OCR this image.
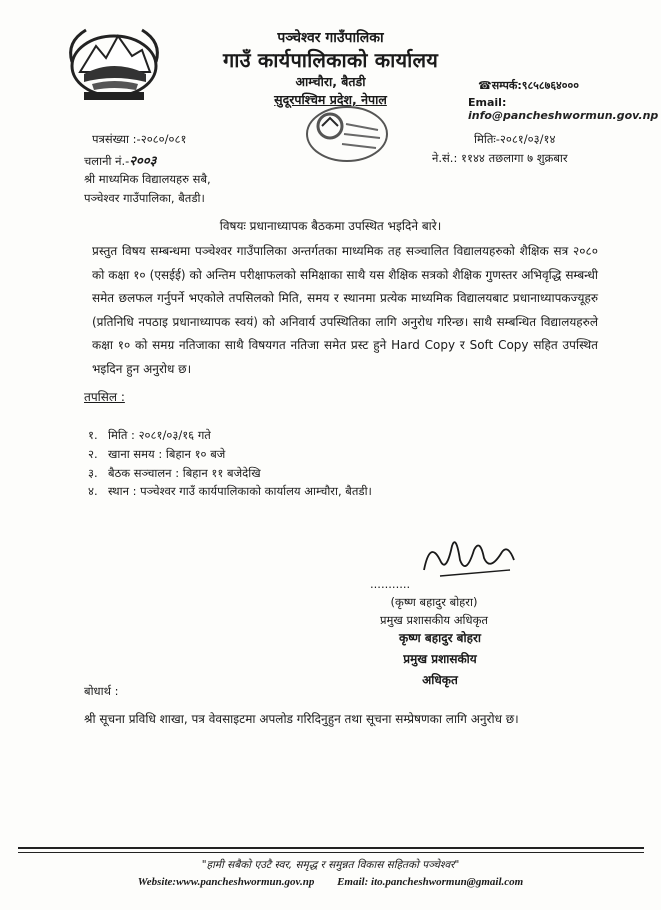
पञ्चेश्वर गाउँपालिका
गाउँ कार्यपालिकाको कार्यालय
आम्चौरा, बैतडी
सुदूरपश्चिम प्रदेश, नेपाल
☎सम्पर्क:९८५८७६४०००
Email: info@pancheshwormun.gov.np
पत्रसंख्या :-२०८०/०८१
चलानी नं.-२००३
श्री माध्यमिक विद्यालयहरु सबै,
पञ्चेश्वर गाउँपालिका, बैतडी।
मितिः-२०८१/०३/१४
ने.सं.: ११४४ तछलागा ७ शुक्रबार
विषयः प्रधानाध्यापक बैठकमा उपस्थित भइदिने बारे।
प्रस्तुत विषय सम्बन्धमा पञ्चेश्वर गाउँपालिका अन्तर्गतका माध्यमिक तह सञ्चालित विद्यालयहरुको शैक्षिक सत्र २०८० को कक्षा १० (एसईई) को अन्तिम परीक्षाफलको समिक्षाका साथै यस शैक्षिक सत्रको शैक्षिक गुणस्तर अभिवृद्धि सम्बन्धी समेत छलफल गर्नुपर्ने भएकोले तपसिलको मिति, समय र स्थानमा प्रत्येक माध्यमिक विद्यालयबाट प्रधानाध्यापकज्यूहरु (प्रतिनिधि नपठाइ प्रधानाध्यापक स्वयं) को अनिवार्य उपस्थितिका लागि अनुरोध गरिन्छ। साथै सम्बन्धित विद्यालयहरुले कक्षा १० को समग्र नतिजाका साथै विषयगत नतिजा समेत प्रस्ट हुने Hard Copy र Soft Copy सहित उपस्थित भइदिन हुन अनुरोध छ।
तपसिल :
१. मिति : २०८१/०३/१६ गते
२. खाना समय : बिहान १० बजे
३. बैठक सञ्चालन : बिहान ११ बजेदेखि
४. स्थान : पञ्चेश्वर गाउँ कार्यपालिकाको कार्यालय आम्चौरा, बैतडी।
...........
(कृष्ण बहादुर बोहरा)
प्रमुख प्रशासकीय अधिकृत
कृष्ण बहादुर बोहरा
प्रमुख प्रशासकीय अधिकृत
बोधार्थ :
श्री सूचना प्रविधि शाखा, पत्र वेवसाइटमा अपलोड गरिदिनुहुन तथा सूचना सम्प्रेषणका लागि अनुरोध छ।
"हामी सबैको एउटै स्वर, समृद्ध र समुन्नत विकास सहितको पञ्चेश्वर"
Website:www.pancheshwormun.gov.np Email: ito.pancheshwormun@gmail.com
